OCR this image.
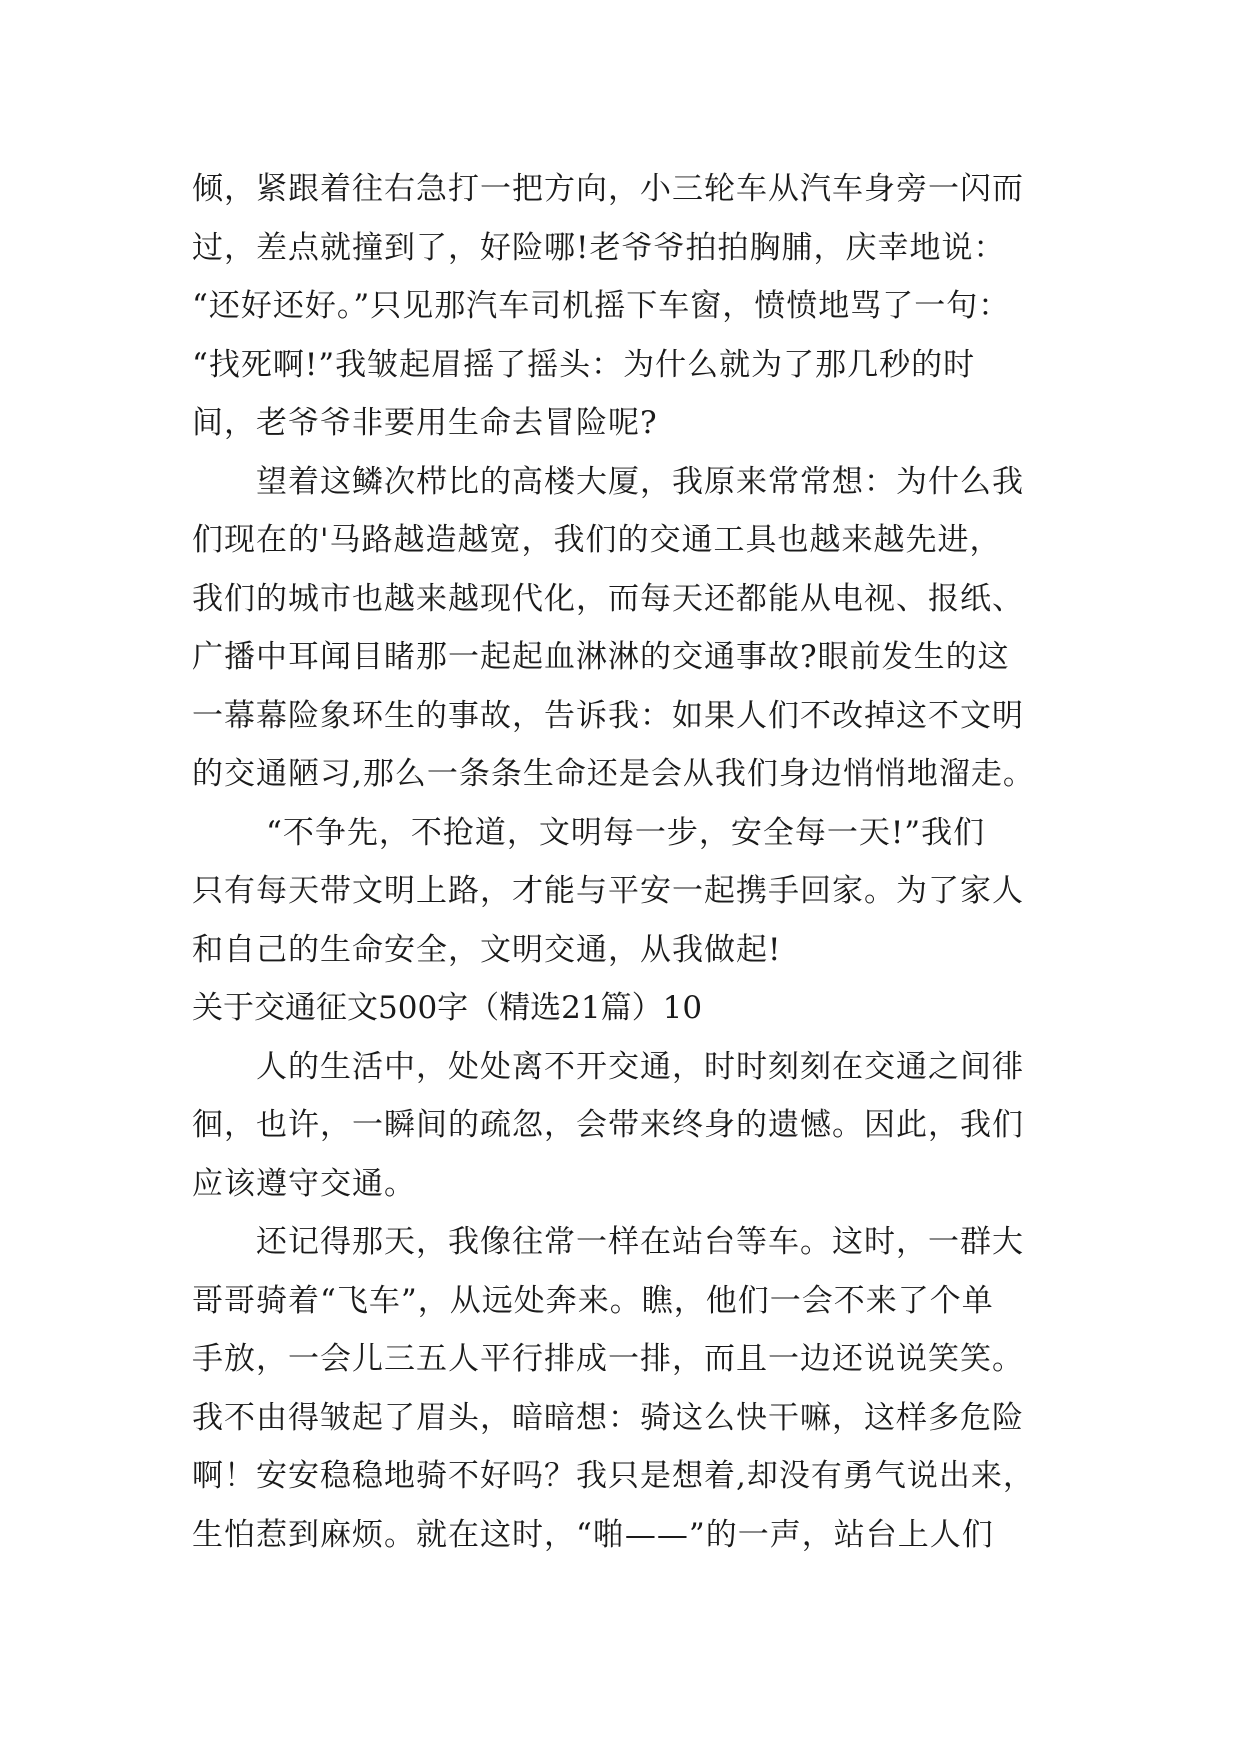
倾，紧跟着往右急打一把方向，小三轮车从汽车身旁一闪而
过，差点就撞到了，好险哪!老爷爷拍拍胸脯，庆幸地说：
“还好还好。”只见那汽车司机摇下车窗，愤愤地骂了一句：
“找死啊!”我皱起眉摇了摇头：为什么就为了那几秒的时
间，老爷爷非要用生命去冒险呢?
望着这鳞次栉比的高楼大厦，我原来常常想：为什么我
们现在的'马路越造越宽，我们的交通工具也越来越先进，
我们的城市也越来越现代化，而每天还都能从电视、报纸、
广播中耳闻目睹那一起起血淋淋的交通事故?眼前发生的这
一幕幕险象环生的事故，告诉我：如果人们不改掉这不文明
的交通陋习,那么一条条生命还是会从我们身边悄悄地溜走。
“不争先，不抢道，文明每一步，安全每一天!”我们
只有每天带文明上路，才能与平安一起携手回家。为了家人
和自己的生命安全，文明交通，从我做起!
关于交通征文500字（精选21篇）10
人的生活中，处处离不开交通，时时刻刻在交通之间徘
徊，也许，一瞬间的疏忽，会带来终身的遗憾。因此，我们
应该遵守交通。
还记得那天，我像往常一样在站台等车。这时，一群大
哥哥骑着“飞车”，从远处奔来。瞧，他们一会不来了个单
手放，一会儿三五人平行排成一排，而且一边还说说笑笑。
我不由得皱起了眉头，暗暗想：骑这么快干嘛，这样多危险
啊！安安稳稳地骑不好吗？我只是想着,却没有勇气说出来，
生怕惹到麻烦。就在这时，“啪——”的一声，站台上人们
